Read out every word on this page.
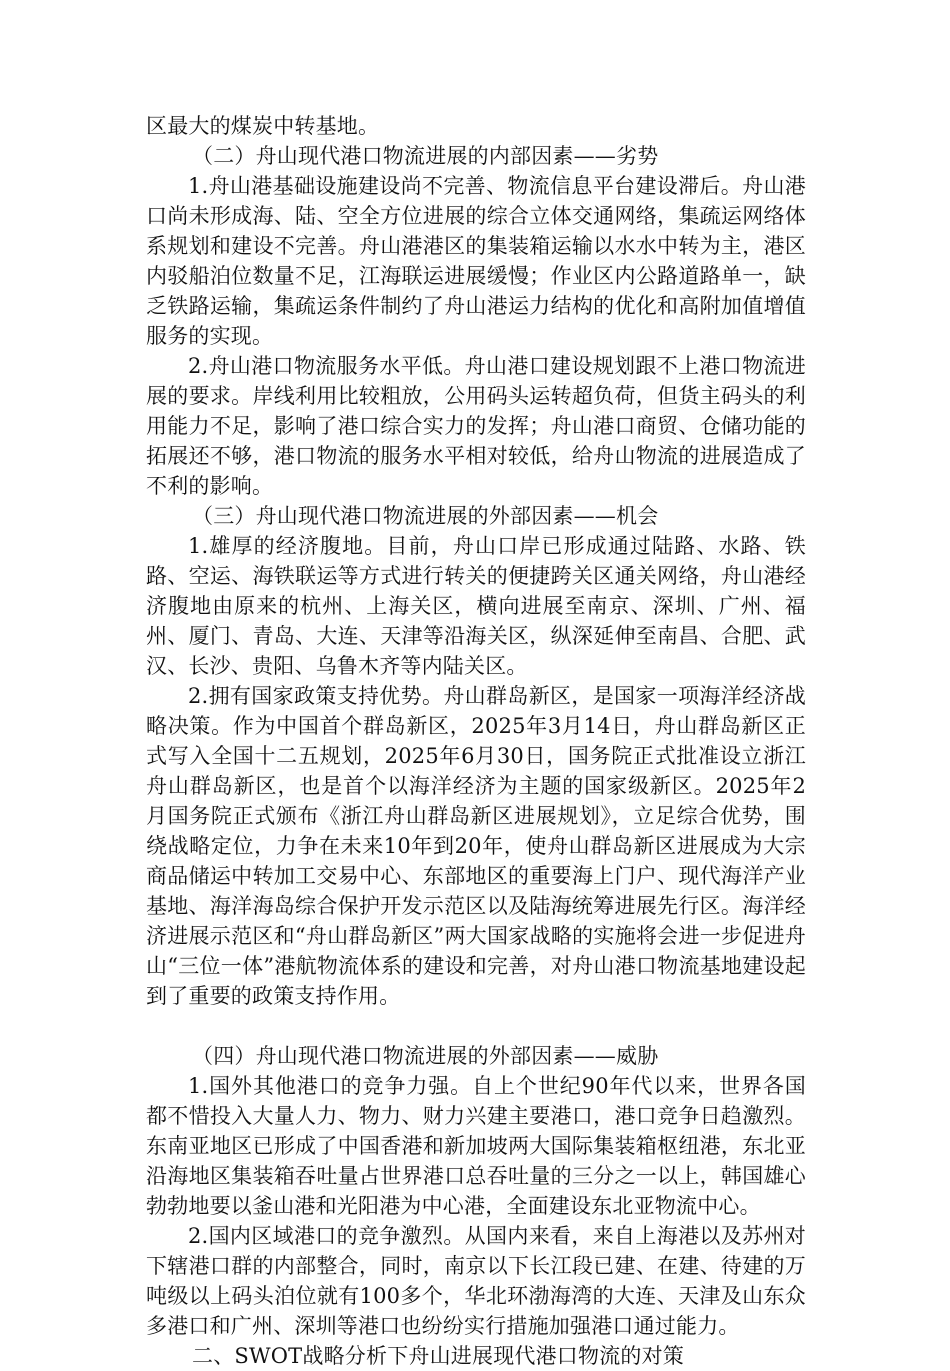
区最大的煤炭中转基地。

（二）舟山现代港口物流进展的内部因素——劣势

1.舟山港基础设施建设尚不完善、物流信息平台建设滞后。舟山港口尚未形成海、陆、空全方位进展的综合立体交通网络，集疏运网络体系规划和建设不完善。舟山港港区的集装箱运输以水水中转为主，港区内驳船泊位数量不足，江海联运进展缓慢；作业区内公路道路单一，缺乏铁路运输，集疏运条件制约了舟山港运力结构的优化和高附加值增值服务的实现。

2.舟山港口物流服务水平低。舟山港口建设规划跟不上港口物流进展的要求。岸线利用比较粗放，公用码头运转超负荷，但货主码头的利用能力不足，影响了港口综合实力的发挥；舟山港口商贸、仓储功能的拓展还不够，港口物流的服务水平相对较低，给舟山物流的进展造成了不利的影响。

（三）舟山现代港口物流进展的外部因素——机会

1.雄厚的经济腹地。目前，舟山口岸已形成通过陆路、水路、铁路、空运、海铁联运等方式进行转关的便捷跨关区通关网络，舟山港经济腹地由原来的杭州、上海关区，横向进展至南京、深圳、广州、福州、厦门、青岛、大连、天津等沿海关区，纵深延伸至南昌、合肥、武汉、长沙、贵阳、乌鲁木齐等内陆关区。

2.拥有国家政策支持优势。舟山群岛新区，是国家一项海洋经济战略决策。作为中国首个群岛新区，2025年3月14日，舟山群岛新区正式写入全国十二五规划，2025年6月30日，国务院正式批准设立浙江舟山群岛新区，也是首个以海洋经济为主题的国家级新区。2025年2月国务院正式颁布《浙江舟山群岛新区进展规划》，立足综合优势，围绕战略定位，力争在未来10年到20年，使舟山群岛新区进展成为大宗商品储运中转加工交易中心、东部地区的重要海上门户、现代海洋产业基地、海洋海岛综合保护开发示范区以及陆海统筹进展先行区。海洋经济进展示范区和“舟山群岛新区”两大国家战略的实施将会进一步促进舟山“三位一体”港航物流体系的建设和完善，对舟山港口物流基地建设起到了重要的政策支持作用。

（四）舟山现代港口物流进展的外部因素——威胁

1.国外其他港口的竞争力强。自上个世纪90年代以来，世界各国都不惜投入大量人力、物力、财力兴建主要港口，港口竞争日趋激烈。东南亚地区已形成了中国香港和新加坡两大国际集装箱枢纽港，东北亚沿海地区集装箱吞吐量占世界港口总吞吐量的三分之一以上，韩国雄心勃勃地要以釜山港和光阳港为中心港，全面建设东北亚物流中心。

2.国内区域港口的竞争激烈。从国内来看，来自上海港以及苏州对下辖港口群的内部整合，同时，南京以下长江段已建、在建、待建的万吨级以上码头泊位就有100多个，华北环渤海湾的大连、天津及山东众多港口和广州、深圳等港口也纷纷实行措施加强港口通过能力。

二、SWOT战略分析下舟山进展现代港口物流的对策
